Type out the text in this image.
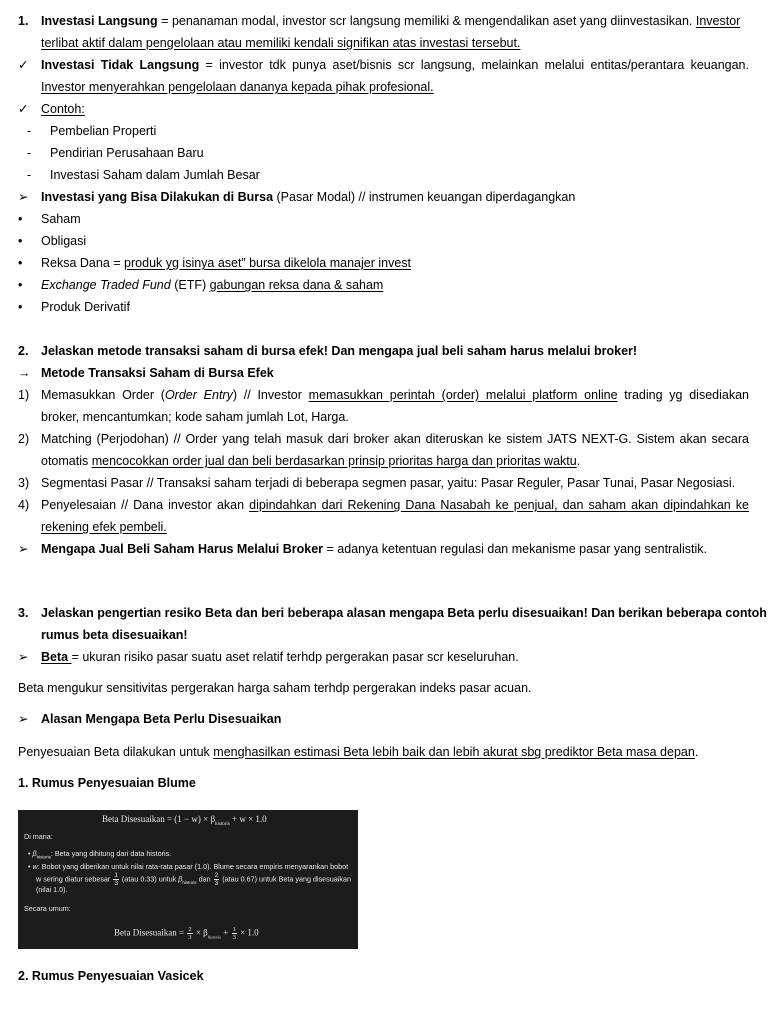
1. Investasi Langsung = penanaman modal, investor scr langsung memiliki & mengendalikan aset yang diinvestasikan. Investor
terlibat aktif dalam pengelolaan atau memiliki kendali signifikan atas investasi tersebut.
✓ Investasi Tidak Langsung = investor tdk punya aset/bisnis scr langsung, melainkan melalui entitas/perantara keuangan.
Investor menyerahkan pengelolaan dananya kepada pihak profesional.
✓ Contoh:
- Pembelian Properti
- Pendirian Perusahaan Baru
- Investasi Saham dalam Jumlah Besar
➢ Investasi yang Bisa Dilakukan di Bursa (Pasar Modal) // instrumen keuangan diperdagangkan
• Saham
• Obligasi
• Reksa Dana = produk yg isinya aset” bursa dikelola manajer invest
• Exchange Traded Fund (ETF) gabungan reksa dana & saham
• Produk Derivatif
2. Jelaskan metode transaksi saham di bursa efek! Dan mengapa jual beli saham harus melalui broker!
→ Metode Transaksi Saham di Bursa Efek
1) Memasukkan Order (Order Entry) // Investor memasukkan perintah (order) melalui platform online trading yg disediakan
broker, mencantumkan; kode saham jumlah Lot, Harga.
2) Matching (Perjodohan) // Order yang telah masuk dari broker akan diteruskan ke sistem JATS NEXT-G. Sistem akan secara
otomatis mencocokkan order jual dan beli berdasarkan prinsip prioritas harga dan prioritas waktu.
3) Segmentasi Pasar // Transaksi saham terjadi di beberapa segmen pasar, yaitu: Pasar Reguler, Pasar Tunai, Pasar Negosiasi.
4) Penyelesaian // Dana investor akan dipindahkan dari Rekening Dana Nasabah ke penjual, dan saham akan dipindahkan ke
rekening efek pembeli.
➢ Mengapa Jual Beli Saham Harus Melalui Broker = adanya ketentuan regulasi dan mekanisme pasar yang sentralistik.
3. Jelaskan pengertian resiko Beta dan beri beberapa alasan mengapa Beta perlu disesuaikan! Dan berikan beberapa contoh
rumus beta disesuaikan!
➢ Beta = ukuran risiko pasar suatu aset relatif terhdp pergerakan pasar scr keseluruhan.
Beta mengukur sensitivitas pergerakan harga saham terhdp pergerakan indeks pasar acuan.
➢ Alasan Mengapa Beta Perlu Disesuaikan
Penyesuaian Beta dilakukan untuk menghasilkan estimasi Beta lebih baik dan lebih akurat sbg prediktor Beta masa depan.
1. Rumus Penyesuaian Blume
Beta Disesuaikan = $(1 - w) \times \beta_{historis} + w \times 1.0$
Di mana:
• $\beta_{historis}$: Beta yang dihitung dari data historis.
• w: Bobot yang diberikan untuk nilai rata-rata pasar (1.0). Blume secara empiris menyarankan bobot
w sering diatur sebesar $\frac{1}{3}$ (atau 0.33) untuk $\beta_{historis}$ dan $\frac{2}{3}$ (atau 0.67) untuk Beta yang disesuaikan
(nilai 1.0).
Secara umum:
Beta Disesuaikan = $\frac{2}{3} \times \beta_{historis} + \frac{1}{3} \times 1.0$
2. Rumus Penyesuaian Vasicek
